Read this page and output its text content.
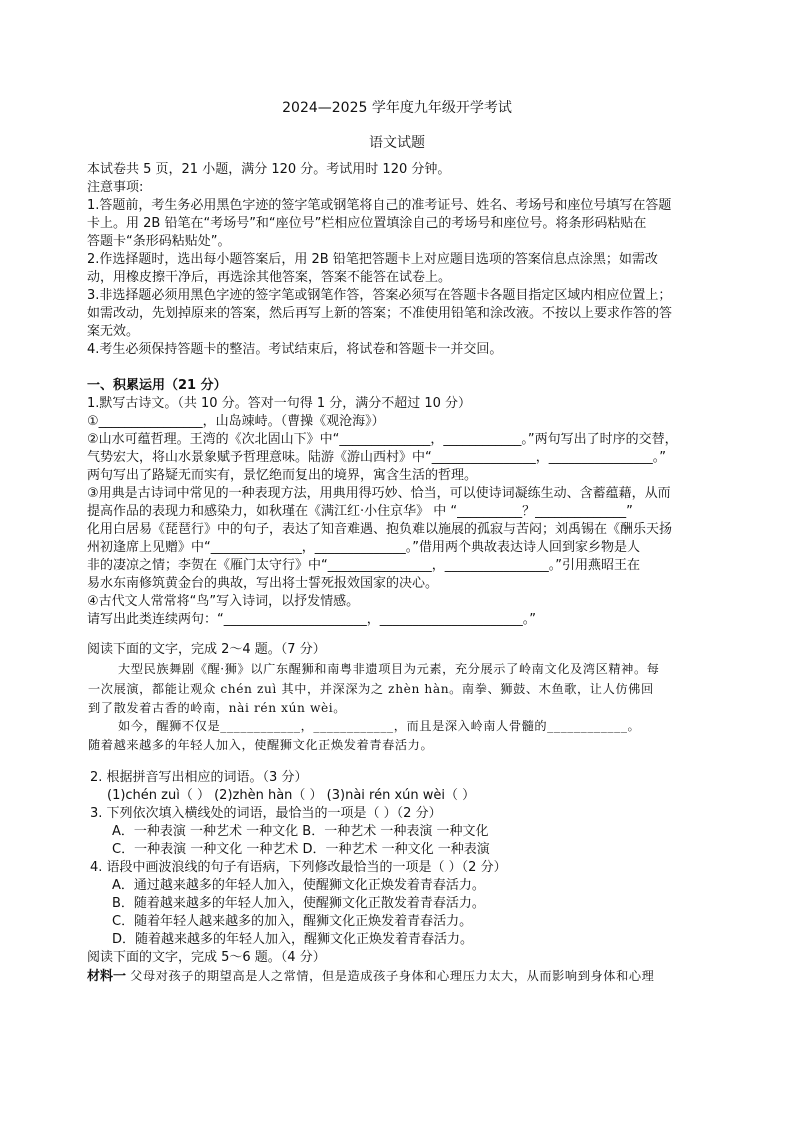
2024—2025 学年度九年级开学考试
语文试题
本试卷共 5 页，21 小题，满分 120 分。考试用时 120 分钟。
注意事项:
1.答题前，考生务必用黑色字迹的签字笔或钢笔将自己的准考证号、姓名、考场号和座位号填写在答题
卡上。用 2B 铅笔在“考场号”和“座位号”栏相应位置填涂自己的考场号和座位号。将条形码粘贴在
答题卡“条形码粘贴处”。
2.作选择题时，选出每小题答案后，用 2B 铅笔把答题卡上对应题目选项的答案信息点涂黑；如需改
动，用橡皮擦干净后，再选涂其他答案，答案不能答在试卷上。
3.非选择题必须用黑色字迹的签字笔或钢笔作答，答案必须写在答题卡各题目指定区域内相应位置上；
如需改动，先划掉原来的答案，然后再写上新的答案；不准使用铅笔和涂改液。不按以上要求作答的答
案无效。
4.考生必须保持答题卡的整洁。考试结束后，将试卷和答题卡一并交回。
一、积累运用（21 分）
1.默写古诗文。（共 10 分。答对一句得 1 分，满分不超过 10 分）
①________________，山岛竦峙。（曹操《观沧海》）
②山水可蕴哲理。王湾的《次北固山下》中“______________，____________。”两句写出了时序的交替，
气势宏大，将山水景象赋予哲理意味。陆游《游山西村》中“________________，________________。”
两句写出了路疑无而实有，景忆绝而复出的境界，寓含生活的哲理。
③用典是古诗词中常见的一种表现方法，用典用得巧妙、恰当，可以使诗词凝练生动、含蓄蕴藉，从而
提高作品的表现力和感染力，如秋瑾在《满江红·小住京华》 中 “__________？______________”
化用白居易《琵琶行》中的句子，表达了知音难遇、抱负难以施展的孤寂与苦闷；刘禹锡在《酬乐天扬
州初逢席上见赠》中“______________，______________。”借用两个典故表达诗人回到家乡物是人
非的凄凉之情；李贺在《雁门太守行》中“________________，________________。”引用燕昭王在
易水东南修筑黄金台的典故，写出将士誓死报效国家的决心。
④古代文人常常将“鸟”写入诗词，以抒发情感。
请写出此类连续两句：“______________________，______________________。”
阅读下面的文字，完成 2～4 题。（7 分）
大型民族舞剧《醒·狮》以广东醒狮和南粤非遗项目为元素，充分展示了岭南文化及湾区精神。每
一次展演，都能让观众 chén zuì 其中，并深深为之 zhèn hàn。南拳、狮鼓、木鱼歌，让人仿佛回
到了散发着古香的岭南，nài rén xún wèi。
如今，醒狮不仅是____________，____________，而且是深入岭南人骨髓的____________。
随着越来越多的年轻人加入，使醒狮文化正焕发着青春活力。
2. 根据拼音写出相应的词语。（3 分）
(1)chén zuì（ ） (2)zhèn hàn（ ） (3)nài rén xún wèi（ ）
3. 下列依次填入横线处的词语，最恰当的一项是（ ）（2 分）
A．一种表演 一种艺术 一种文化 B．一种艺术 一种表演 一种文化
C．一种表演 一种文化 一种艺术 D．一种艺术 一种文化 一种表演
4. 语段中画波浪线的句子有语病，下列修改最恰当的一项是（ ）（2 分）
A．通过越来越多的年轻人加入，使醒狮文化正焕发着青春活力。
B．随着越来越多的年轻人加入，使醒狮文化正散发着青春活力。
C．随着年轻人越来越多的加入，醒狮文化正焕发着青春活力。
D．随着越来越多的年轻人加入，醒狮文化正焕发着青春活力。
阅读下面的文字，完成 5～6 题。（4 分）
材料一 父母对孩子的期望高是人之常情，但是造成孩子身体和心理压力太大，从而影响到身体和心理
